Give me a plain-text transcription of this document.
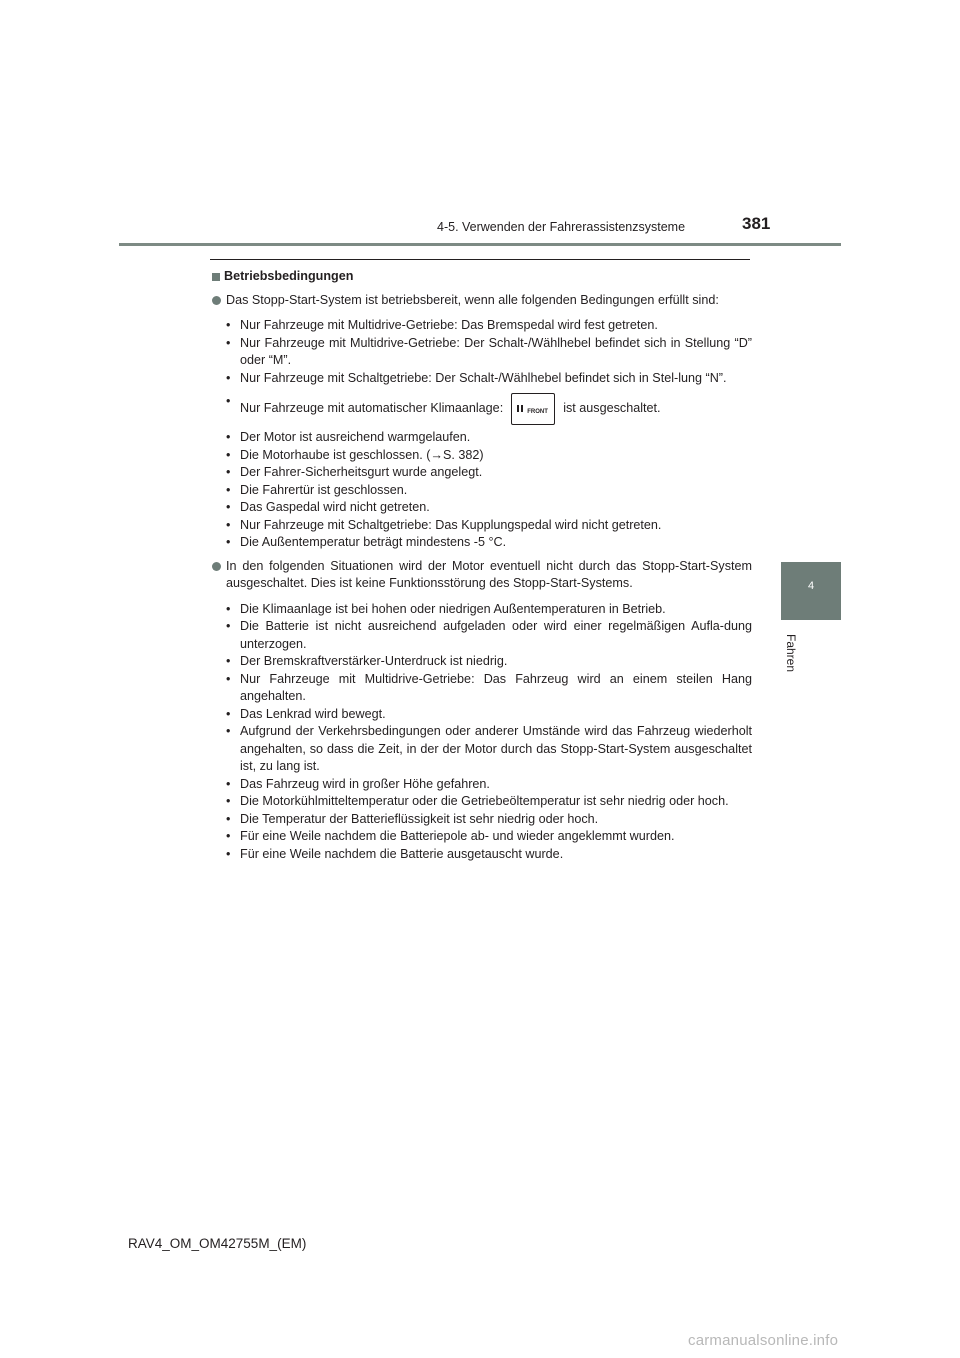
4-5. Verwenden der Fahrerassistenzsysteme	381
4
Fahren
Betriebsbedingungen
Das Stopp-Start-System ist betriebsbereit, wenn alle folgenden Bedingungen erfüllt sind:
• Nur Fahrzeuge mit Multidrive-Getriebe: Das Bremspedal wird fest getreten.
• Nur Fahrzeuge mit Multidrive-Getriebe: Der Schalt-/Wählhebel befindet sich in Stellung “D” oder “M”.
• Nur Fahrzeuge mit Schaltgetriebe: Der Schalt-/Wählhebel befindet sich in Stel-lung “N”.
• Nur Fahrzeuge mit automatischer Klimaanlage:	FRONT ist ausgeschaltet.
• Der Motor ist ausreichend warmgelaufen.
• Die Motorhaube ist geschlossen. (→S. 382)
• Der Fahrer-Sicherheitsgurt wurde angelegt.
• Die Fahrertür ist geschlossen.
• Das Gaspedal wird nicht getreten.
• Nur Fahrzeuge mit Schaltgetriebe: Das Kupplungspedal wird nicht getreten.
• Die Außentemperatur beträgt mindestens -5 °C.
In den folgenden Situationen wird der Motor eventuell nicht durch das Stopp-Start-System ausgeschaltet. Dies ist keine Funktionsstörung des Stopp-Start-Systems.
• Die Klimaanlage ist bei hohen oder niedrigen Außentemperaturen in Betrieb.
• Die Batterie ist nicht ausreichend aufgeladen oder wird einer regelmäßigen Aufla-dung unterzogen.
• Der Bremskraftverstärker-Unterdruck ist niedrig.
• Nur Fahrzeuge mit Multidrive-Getriebe: Das Fahrzeug wird an einem steilen Hang angehalten.
• Das Lenkrad wird bewegt.
• Aufgrund der Verkehrsbedingungen oder anderer Umstände wird das Fahrzeug wiederholt angehalten, so dass die Zeit, in der der Motor durch das Stopp-Start-System ausgeschaltet ist, zu lang ist.
• Das Fahrzeug wird in großer Höhe gefahren.
• Die Motorkühlmitteltemperatur oder die Getriebeöltemperatur ist sehr niedrig oder hoch.
• Die Temperatur der Batterieflüssigkeit ist sehr niedrig oder hoch.
• Für eine Weile nachdem die Batteriepole ab- und wieder angeklemmt wurden.
• Für eine Weile nachdem die Batterie ausgetauscht wurde.
RAV4_OM_OM42755M_(EM)
carmanualsonline.info
